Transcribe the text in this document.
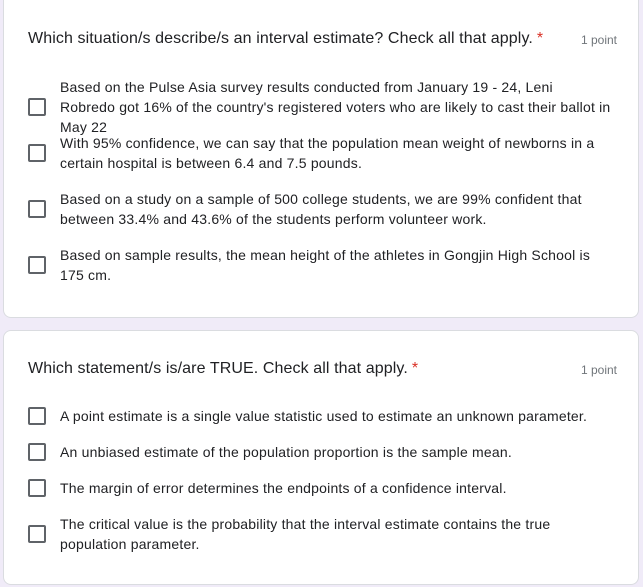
Which situation/s describe/s an interval estimate? Check all that apply. *	1 point
Based on the Pulse Asia survey results conducted from January 19 - 24, Leni Robredo got 16% of the country's registered voters who are likely to cast their ballot in May 22
With 95% confidence, we can say that the population mean weight of newborns in a certain hospital is between 6.4 and 7.5 pounds.
Based on a study on a sample of 500 college students, we are 99% confident that between 33.4% and 43.6% of the students perform volunteer work.
Based on sample results, the mean height of the athletes in Gongjin High School is 175 cm.
Which statement/s is/are TRUE. Check all that apply. *	1 point
A point estimate is a single value statistic used to estimate an unknown parameter.
An unbiased estimate of the population proportion is the sample mean.
The margin of error determines the endpoints of a confidence interval.
The critical value is the probability that the interval estimate contains the true population parameter.
